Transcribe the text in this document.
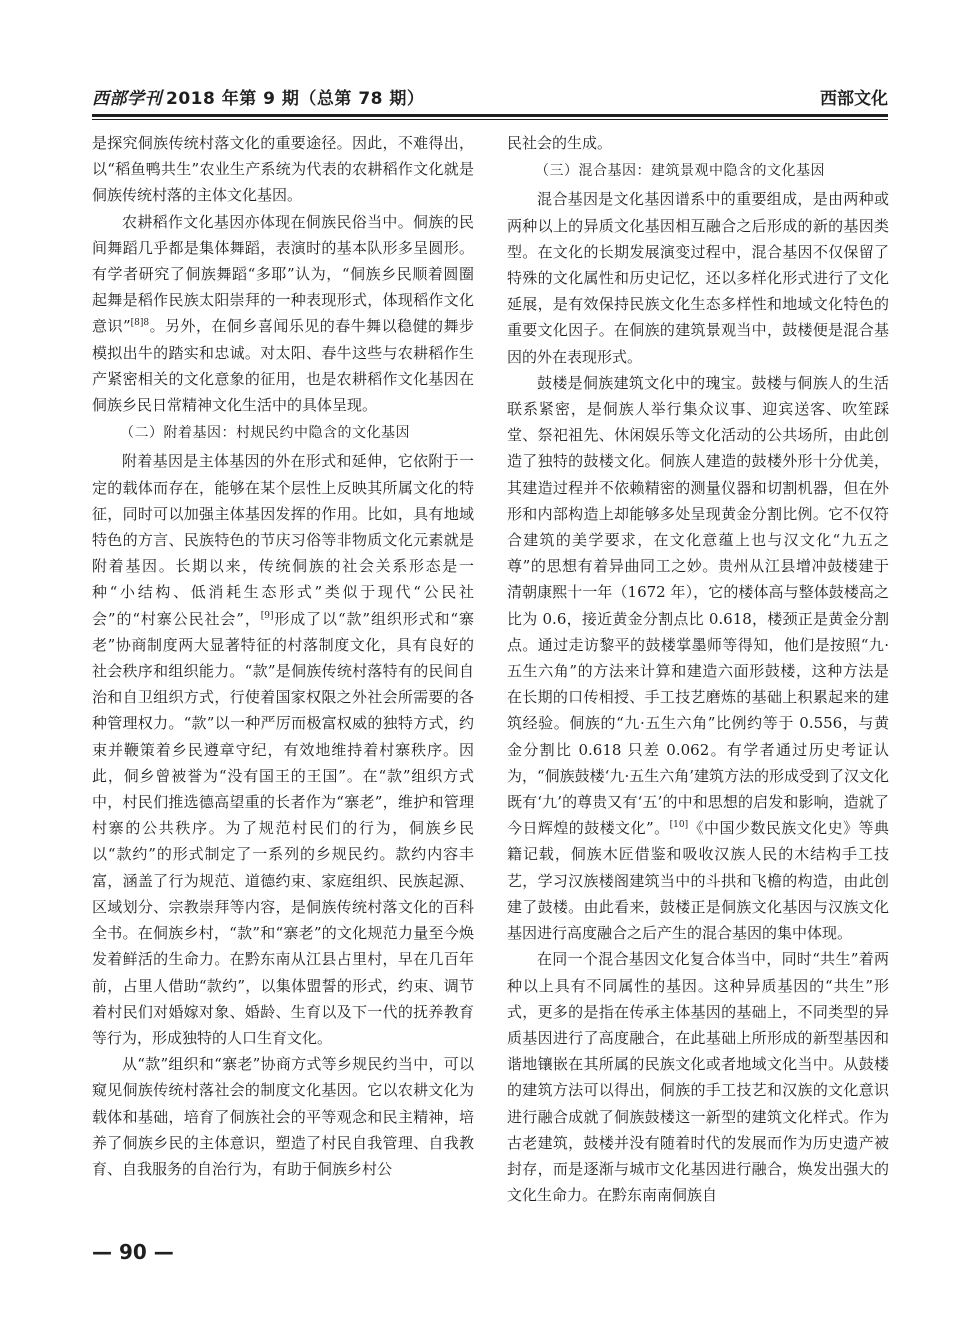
西部学刊 2018 年第 9 期（总第 78 期）	西部文化

是探究侗族传统村落文化的重要途径。因此，不难得出，以“稻鱼鸭共生”农业生产系统为代表的农耕稻作文化就是侗族传统村落的主体文化基因。

农耕稻作文化基因亦体现在侗族民俗当中。侗族的民间舞蹈几乎都是集体舞蹈，表演时的基本队形多呈圆形。有学者研究了侗族舞蹈“多耶”认为，“侗族乡民顺着圆圈起舞是稻作民族太阳崇拜的一种表现形式，体现稻作文化意识”$^{[8]8}$。另外，在侗乡喜闻乐见的春牛舞以稳健的舞步模拟出牛的踏实和忠诚。对太阳、春牛这些与农耕稻作生产紧密相关的文化意象的征用，也是农耕稻作文化基因在侗族乡民日常精神文化生活中的具体呈现。

（二）附着基因：村规民约中隐含的文化基因

附着基因是主体基因的外在形式和延伸，它依附于一定的载体而存在，能够在某个层性上反映其所属文化的特征，同时可以加强主体基因发挥的作用。比如，具有地域特色的方言、民族特色的节庆习俗等非物质文化元素就是附着基因。长期以来，传统侗族的社会关系形态是一种“小结构、低消耗生态形式”类似于现代“公民社会”的“村寨公民社会”，[9]形成了以“款”组织形式和“寨老”协商制度两大显著特征的村落制度文化，具有良好的社会秩序和组织能力。“款”是侗族传统村落特有的民间自治和自卫组织方式，行使着国家权限之外社会所需要的各种管理权力。“款”以一种严厉而极富权威的独特方式，约束并鞭策着乡民遵章守纪，有效地维持着村寨秩序。因此，侗乡曾被誉为“没有国王的王国”。在“款”组织方式中，村民们推选德高望重的长者作为“寨老”，维护和管理村寨的公共秩序。为了规范村民们的行为，侗族乡民以“款约”的形式制定了一系列的乡规民约。款约内容丰富，涵盖了行为规范、道德约束、家庭组织、民族起源、区域划分、宗教崇拜等内容，是侗族传统村落文化的百科全书。在侗族乡村，“款”和“寨老”的文化规范力量至今焕发着鲜活的生命力。在黔东南从江县占里村，早在几百年前，占里人借助“款约”，以集体盟誓的形式，约束、调节着村民们对婚嫁对象、婚龄、生育以及下一代的抚养教育等行为，形成独特的人口生育文化。

从“款”组织和“寨老”协商方式等乡规民约当中，可以窥见侗族传统村落社会的制度文化基因。它以农耕文化为载体和基础，培育了侗族社会的平等观念和民主精神，培养了侗族乡民的主体意识，塑造了村民自我管理、自我教育、自我服务的自治行为，有助于侗族乡村公

民社会的生成。

（三）混合基因：建筑景观中隐含的文化基因

混合基因是文化基因谱系中的重要组成，是由两种或两种以上的异质文化基因相互融合之后形成的新的基因类型。在文化的长期发展演变过程中，混合基因不仅保留了特殊的文化属性和历史记忆，还以多样化形式进行了文化延展，是有效保持民族文化生态多样性和地域文化特色的重要文化因子。在侗族的建筑景观当中，鼓楼便是混合基因的外在表现形式。

鼓楼是侗族建筑文化中的瑰宝。鼓楼与侗族人的生活联系紧密，是侗族人举行集众议事、迎宾送客、吹笙踩堂、祭祀祖先、休闲娱乐等文化活动的公共场所，由此创造了独特的鼓楼文化。侗族人建造的鼓楼外形十分优美，其建造过程并不依赖精密的测量仪器和切割机器，但在外形和内部构造上却能够多处呈现黄金分割比例。它不仅符合建筑的美学要求，在文化意蕴上也与汉文化“九五之尊”的思想有着异曲同工之妙。贵州从江县增冲鼓楼建于清朝康熙十一年（1672 年），它的楼体高与整体鼓楼高之比为 0.6，接近黄金分割点比 0.618，楼颈正是黄金分割点。通过走访黎平的鼓楼掌墨师等得知，他们是按照“九·五生六角”的方法来计算和建造六面形鼓楼，这种方法是在长期的口传相授、手工技艺磨炼的基础上积累起来的建筑经验。侗族的“九·五生六角”比例约等于 0.556，与黄金分割比 0.618 只差 0.062。有学者通过历史考证认为，“侗族鼓楼‘九·五生六角’建筑方法的形成受到了汉文化既有‘九’的尊贵又有‘五’的中和思想的启发和影响，造就了今日辉煌的鼓楼文化”。[10]《中国少数民族文化史》等典籍记载，侗族木匠借鉴和吸收汉族人民的木结构手工技艺，学习汉族楼阁建筑当中的斗拱和飞檐的构造，由此创建了鼓楼。由此看来，鼓楼正是侗族文化基因与汉族文化基因进行高度融合之后产生的混合基因的集中体现。

在同一个混合基因文化复合体当中，同时“共生”着两种以上具有不同属性的基因。这种异质基因的“共生”形式，更多的是指在传承主体基因的基础上，不同类型的异质基因进行了高度融合，在此基础上所形成的新型基因和谐地镶嵌在其所属的民族文化或者地域文化当中。从鼓楼的建筑方法可以得出，侗族的手工技艺和汉族的文化意识进行融合成就了侗族鼓楼这一新型的建筑文化样式。作为古老建筑，鼓楼并没有随着时代的发展而作为历史遗产被封存，而是逐渐与城市文化基因进行融合，焕发出强大的文化生命力。在黔东南南侗族自

— 90 —
